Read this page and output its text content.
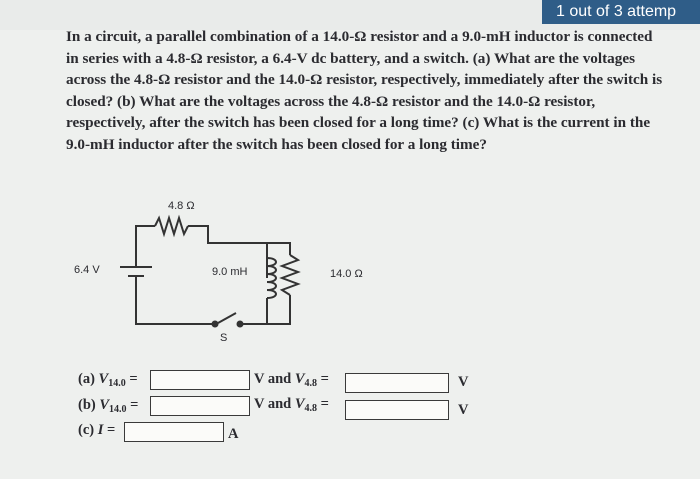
1 out of 3 attemp
In a circuit, a parallel combination of a 14.0-Ω resistor and a 9.0-mH inductor is connected
in series with a 4.8-Ω resistor, a 6.4-V dc battery, and a switch. (a) What are the voltages
across the 4.8-Ω resistor and the 14.0-Ω resistor, respectively, immediately after the switch is
closed? (b) What are the voltages across the 4.8-Ω resistor and the 14.0-Ω resistor,
respectively, after the switch has been closed for a long time? (c) What is the current in the
9.0-mH inductor after the switch has been closed for a long time?
4.8 Ω
6.4 V	9.0 mH	14.0 Ω
S
(a) $V_{14.0}$ =	V and $V_{4.8}$ =	V
(b) $V_{14.0}$ =	V and $V_{4.8}$ =	V
(c) I =	A
